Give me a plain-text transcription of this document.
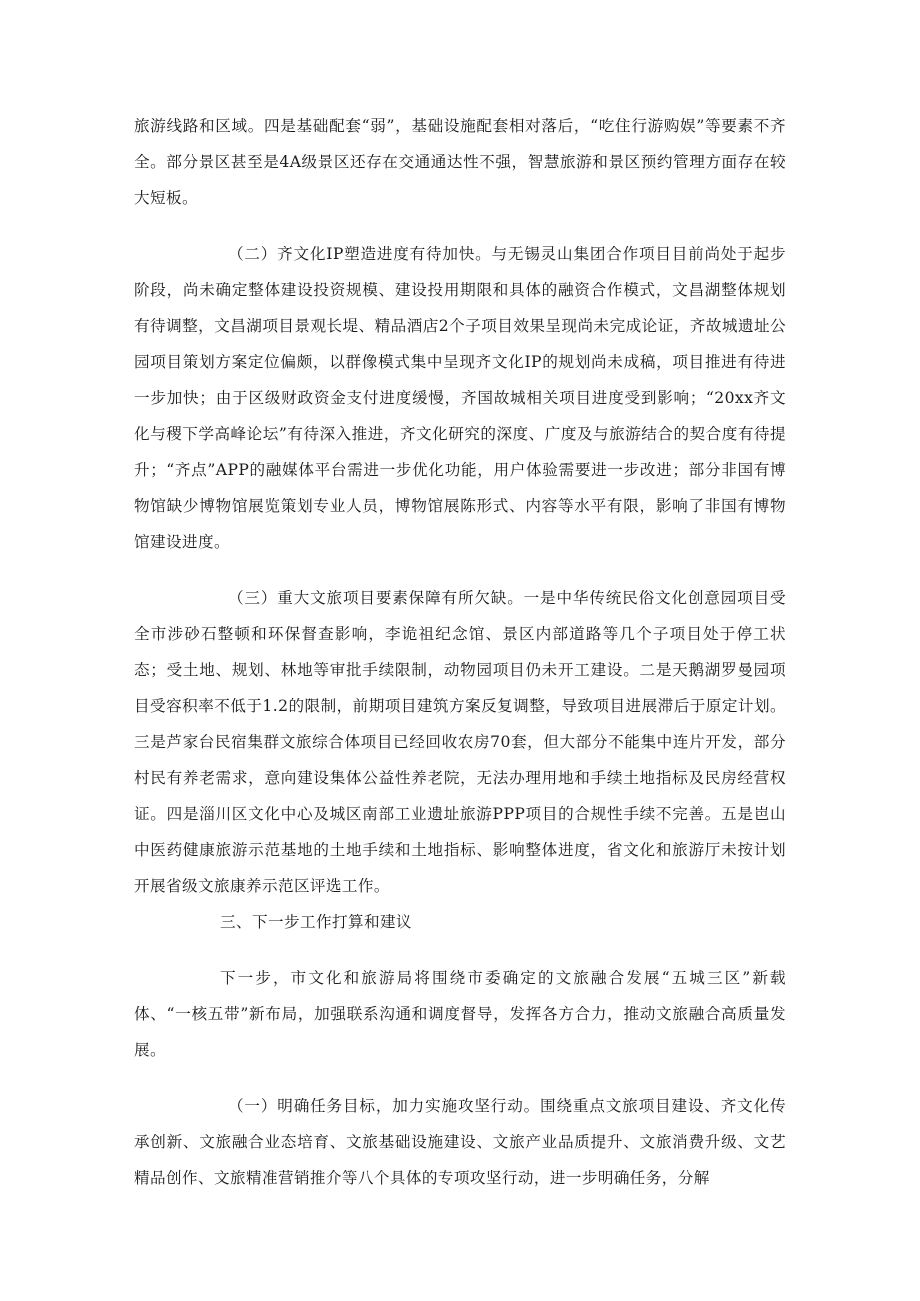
旅游线路和区域。四是基础配套“弱”，基础设施配套相对落后，“吃住行游购娱”等要素不齐全。部分景区甚至是4A级景区还存在交通通达性不强，智慧旅游和景区预约管理方面存在较大短板。

（二）齐文化IP塑造进度有待加快。与无锡灵山集团合作项目目前尚处于起步阶段，尚未确定整体建设投资规模、建设投用期限和具体的融资合作模式，文昌湖整体规划有待调整，文昌湖项目景观长堤、精品酒店2个子项目效果呈现尚未完成论证，齐故城遗址公园项目策划方案定位偏颇，以群像模式集中呈现齐文化IP的规划尚未成稿，项目推进有待进一步加快；由于区级财政资金支付进度缓慢，齐国故城相关项目进度受到影响；“20xx齐文化与稷下学高峰论坛”有待深入推进，齐文化研究的深度、广度及与旅游结合的契合度有待提升；“齐点”APP的融媒体平台需进一步优化功能，用户体验需要进一步改进；部分非国有博物馆缺少博物馆展览策划专业人员，博物馆展陈形式、内容等水平有限，影响了非国有博物馆建设进度。

（三）重大文旅项目要素保障有所欠缺。一是中华传统民俗文化创意园项目受全市涉砂石整顿和环保督查影响，李诡祖纪念馆、景区内部道路等几个子项目处于停工状态；受土地、规划、林地等审批手续限制，动物园项目仍未开工建设。二是天鹅湖罗曼园项目受容积率不低于1.2的限制，前期项目建筑方案反复调整，导致项目进展滞后于原定计划。三是芦家台民宿集群文旅综合体项目已经回收农房70套，但大部分不能集中连片开发，部分村民有养老需求，意向建设集体公益性养老院，无法办理用地和手续土地指标及民房经营权证。四是淄川区文化中心及城区南部工业遗址旅游PPP项目的合规性手续不完善。五是岜山中医药健康旅游示范基地的土地手续和土地指标、影响整体进度，省文化和旅游厅未按计划开展省级文旅康养示范区评选工作。

三、下一步工作打算和建议

下一步，市文化和旅游局将围绕市委确定的文旅融合发展“五城三区”新载体、“一核五带”新布局，加强联系沟通和调度督导，发挥各方合力，推动文旅融合高质量发展。

（一）明确任务目标，加力实施攻坚行动。围绕重点文旅项目建设、齐文化传承创新、文旅融合业态培育、文旅基础设施建设、文旅产业品质提升、文旅消费升级、文艺精品创作、文旅精准营销推介等八个具体的专项攻坚行动，进一步明确任务，分解
